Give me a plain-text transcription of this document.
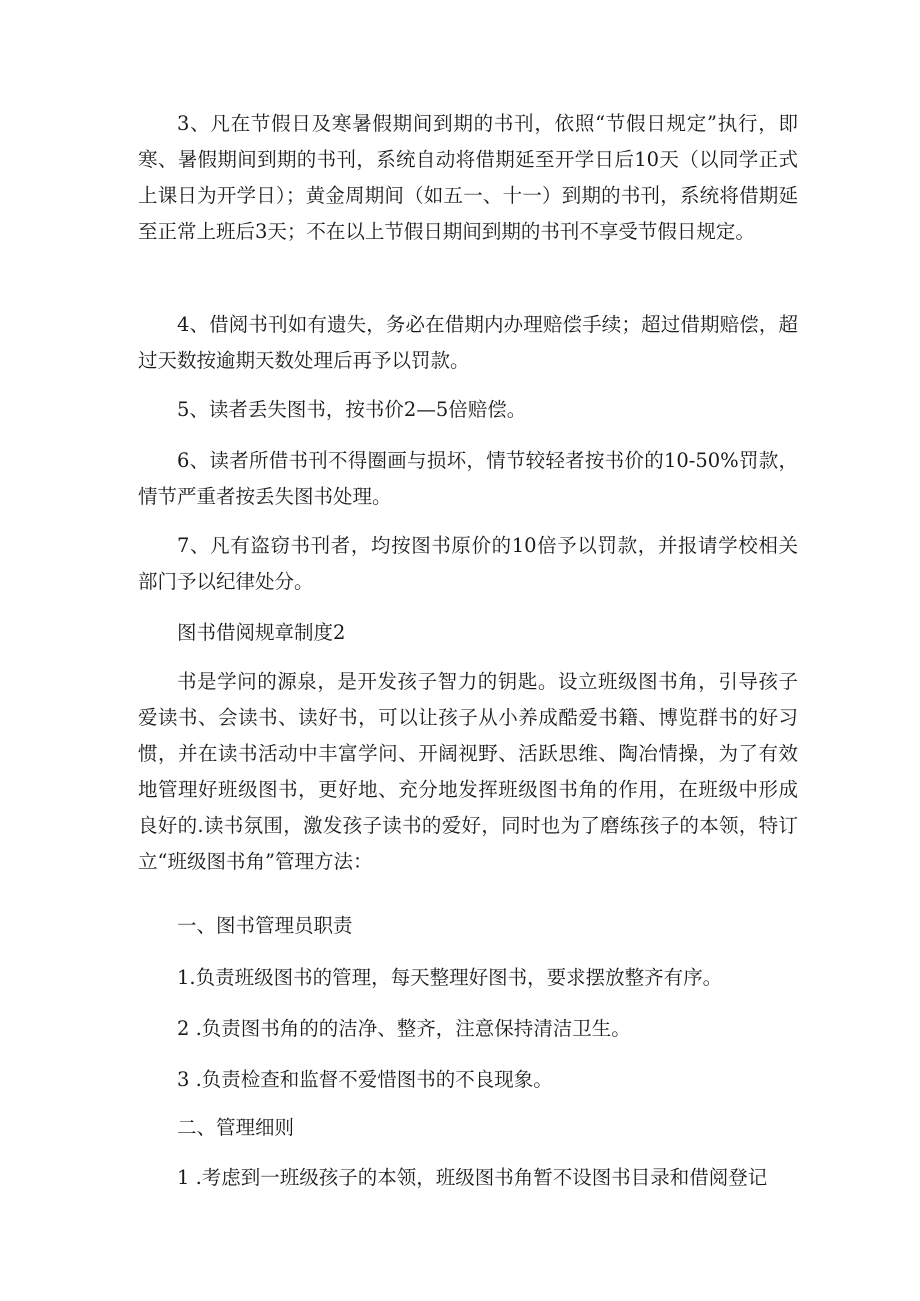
3、凡在节假日及寒暑假期间到期的书刊，依照“节假日规定”执行，即寒、暑假期间到期的书刊，系统自动将借期延至开学日后10天（以同学正式上课日为开学日）；黄金周期间（如五一、十一）到期的书刊，系统将借期延至正常上班后3天；不在以上节假日期间到期的书刊不享受节假日规定。

4、借阅书刊如有遗失，务必在借期内办理赔偿手续；超过借期赔偿，超过天数按逾期天数处理后再予以罚款。

5、读者丢失图书，按书价2—5倍赔偿。

6、读者所借书刊不得圈画与损坏，情节较轻者按书价的10-50%罚款，情节严重者按丢失图书处理。

7、凡有盗窃书刊者，均按图书原价的10倍予以罚款，并报请学校相关部门予以纪律处分。

图书借阅规章制度2

书是学问的源泉，是开发孩子智力的钥匙。设立班级图书角，引导孩子爱读书、会读书、读好书，可以让孩子从小养成酷爱书籍、博览群书的好习惯，并在读书活动中丰富学问、开阔视野、活跃思维、陶冶情操，为了有效地管理好班级图书，更好地、充分地发挥班级图书角的作用，在班级中形成良好的.读书氛围，激发孩子读书的爱好，同时也为了磨练孩子的本领，特订立“班级图书角”管理方法：

一、图书管理员职责

1.负责班级图书的管理，每天整理好图书，要求摆放整齐有序。

2 .负责图书角的的洁净、整齐，注意保持清洁卫生。

3 .负责检查和监督不爱惜图书的不良现象。

二、管理细则

1 .考虑到一班级孩子的本领，班级图书角暂不设图书目录和借阅登记
